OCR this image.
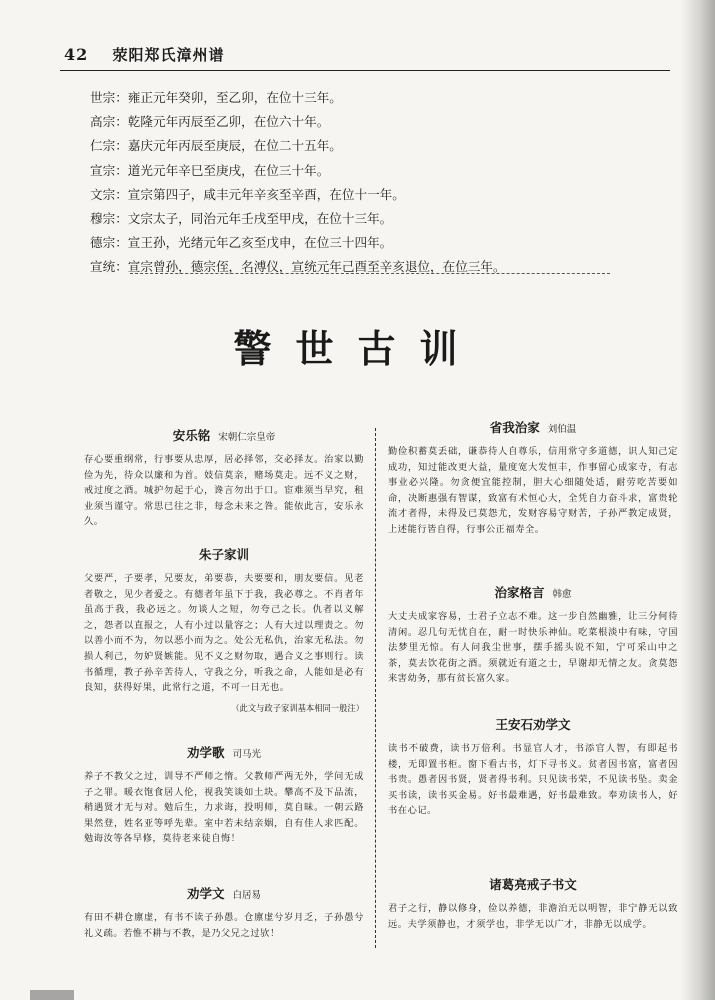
42 荥阳郑氏漳州谱
世宗：雍正元年癸卯，至乙卯，在位十三年。
高宗：乾隆元年丙辰至乙卯，在位六十年。
仁宗：嘉庆元年丙辰至庚辰，在位二十五年。
宣宗：道光元年辛巳至庚戌，在位三十年。
文宗：宣宗第四子，咸丰元年辛亥至辛酉，在位十一年。
穆宗：文宗太子，同治元年壬戌至甲戌，在位十三年。
德宗：宣王孙，光绪元年乙亥至戊申，在位三十四年。
宣统：宣宗曾孙，德宗侄，名溥仪，宣统元年己酉至辛亥退位，在位三年。
警世古训
安乐铭 宋朝仁宗皇帝
存心要重纲常，行事要从忠厚，居必择邻，交必择友。治家以勤俭为先，待众以廉和为首。妓信莫亲，赌场莫走。远不义之财，戒过度之酒。城护勿起于心，谗言勿出于口。宦难须当早究，租业须当谨守。常思已往之非，每念未来之咎。能依此言，安乐永久。
朱子家训
父要严，子要孝，兄要友，弟要恭，夫要要和，朋友要信。见老者敬之，见少者爱之。有德者年虽下于我，我必尊之。不肖者年虽高于我，我必远之。勿谈人之短，勿夸己之长。仇者以义解之，怨者以直报之，人有小过以量容之；人有大过以理责之。勿以善小而不为，勿以恶小而为之。处公无私仇，治家无私法。勿损人利己，勿妒贤嫉能。见不义之财勿取，遇合义之事则行。读书循理，教子孙辛苦待人，守我之分，听我之命，人能如是必有良知，获得好果，此常行之道，不可一日无也。
（此文与政子家训基本相同一般注）
劝学歌 司马光
养子不教父之过，训导不严师之惰。父教师严两无外，学问无成子之罪。暖衣饱食居人伦，视我笑谈如土块。攀高不及下品流，稍遇贤才无与对。勉后生，力求诲，投明师，莫自昧。一朝云路果然登，姓名亚等呼先辈。室中若未结亲姻，自有佳人求匹配。勉诲汝等各早修，莫待老来徒自悔！
劝学文 白居易
有田不耕仓廪虚，有书不读子孙愚。仓廪虚兮岁月乏，子孙愚兮礼义疏。若惟不耕与不教，是乃父兄之过欤！
省我治家 刘伯温
勤俭积蓄莫丢础，谦恭待人自尊乐，信用常守多道德，识人知己定成功，知过能改更大益，量度宽大发恒丰，作事留心成家寺，有志事业必兴隆。勿贪便宜能控制，胆大心细随处适，耐劳吃苦要如命，决断惠强有智谋，致富有术恒心大，全凭自力奋斗求，富贵轮流才者得，未得及已莫怨尤，发财容易守财苦，子孙严教定成贤，上述能行皆自得，行事公正福寿全。
治家格言 韩愈
大丈夫成家容易，士君子立志不难。这一步自然幽雅，让三分何待清闲。忍几句无忧自在，耐一时快乐神仙。吃菜根淡中有味，守国法梦里无惊。有人问我尘世事，摆手摇头说不知，宁可采山中之茶，莫去饮花街之酒。须就近有道之士，早谢却无情之友。贪莫怨来害幼务，那有贫长富久家。
王安石劝学文
读书不破费，读书万倍利。书显官人才，书添官人智，有即起书楼，无即置书柜。窗下看古书，灯下寻书义。贫者因书富，富者因书贵。愚者因书贤，贤者得书利。只见读书荣，不见读书坠。卖金买书读，读书买金易。好书最难遇，好书最难致。奉劝读书人，好书在心记。
诸葛亮戒子书文
君子之行，静以修身，俭以养德，非澹泊无以明智，非宁静无以致远。夫学须静也，才须学也，非学无以广才，非静无以成学。
